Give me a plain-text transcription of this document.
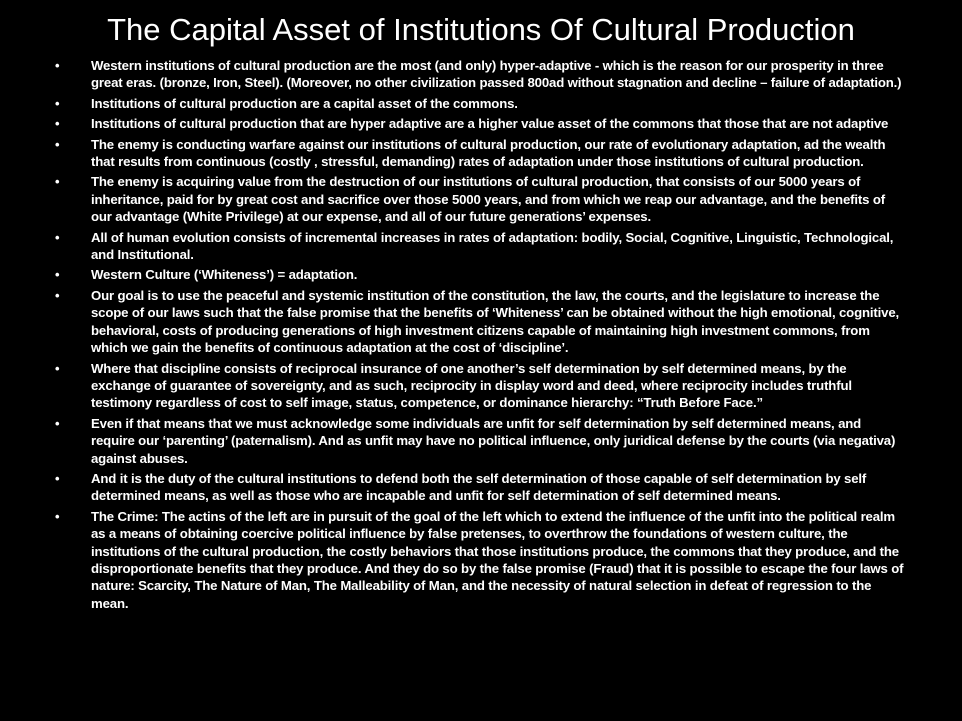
The Capital Asset of Institutions Of Cultural Production
• Western institutions of cultural production are the most (and only) hyper-adaptive - which is the reason for our prosperity in three great eras. (bronze, Iron, Steel). (Moreover, no other civilization passed 800ad without stagnation and decline – failure of adaptation.)
• Institutions of cultural production are a capital asset of the commons.
• Institutions of cultural production that are hyper adaptive are a higher value asset of the commons that those that are not adaptive
• The enemy is conducting warfare against our institutions of cultural production, our rate of evolutionary adaptation, ad the wealth that results from continuous (costly , stressful, demanding) rates of adaptation under those institutions of cultural production.
• The enemy is acquiring value from the destruction of our institutions of cultural production, that consists of our 5000 years of inheritance, paid for by great cost and sacrifice over those 5000 years, and from which we reap our advantage, and the benefits of our advantage (White Privilege) at our expense, and all of our future generations’ expenses.
• All of human evolution consists of incremental increases in rates of adaptation: bodily, Social, Cognitive, Linguistic, Technological, and Institutional.
• Western Culture (‘Whiteness’) = adaptation.
• Our goal is to use the peaceful and systemic institution of the constitution, the law, the courts, and the legislature to increase the scope of our laws such that the false promise that the benefits of ‘Whiteness’ can be obtained without the high emotional, cognitive, behavioral, costs of producing generations of high investment citizens capable of maintaining high investment commons, from which we gain the benefits of continuous adaptation at the cost of ‘discipline’.
• Where that discipline consists of reciprocal insurance of one another’s self determination by self determined means, by the exchange of guarantee of sovereignty, and as such, reciprocity in display word and deed, where reciprocity includes truthful testimony regardless of cost to self image, status, competence, or dominance hierarchy: “Truth Before Face.”
• Even if that means that we must acknowledge some individuals are unfit for self determination by self determined means, and require our ‘parenting’ (paternalism). And as unfit may have no political influence, only juridical defense by the courts (via negativa) against abuses.
• And it is the duty of the cultural institutions to defend both the self determination of those capable of self determination by self determined means, as well as those who are incapable and unfit for self determination of self determined means.
• The Crime: The actins of the left are in pursuit of the goal of the left which to extend the influence of the unfit into the political realm as a means of obtaining coercive political influence by false pretenses, to overthrow the foundations of western culture, the institutions of the cultural production, the costly behaviors that those institutions produce, the commons that they produce, and the disproportionate benefits that they produce. And they do so by the false promise (Fraud) that it is possible to escape the four laws of nature: Scarcity, The Nature of Man, The Malleability of Man, and the necessity of natural selection in defeat of regression to the mean.
